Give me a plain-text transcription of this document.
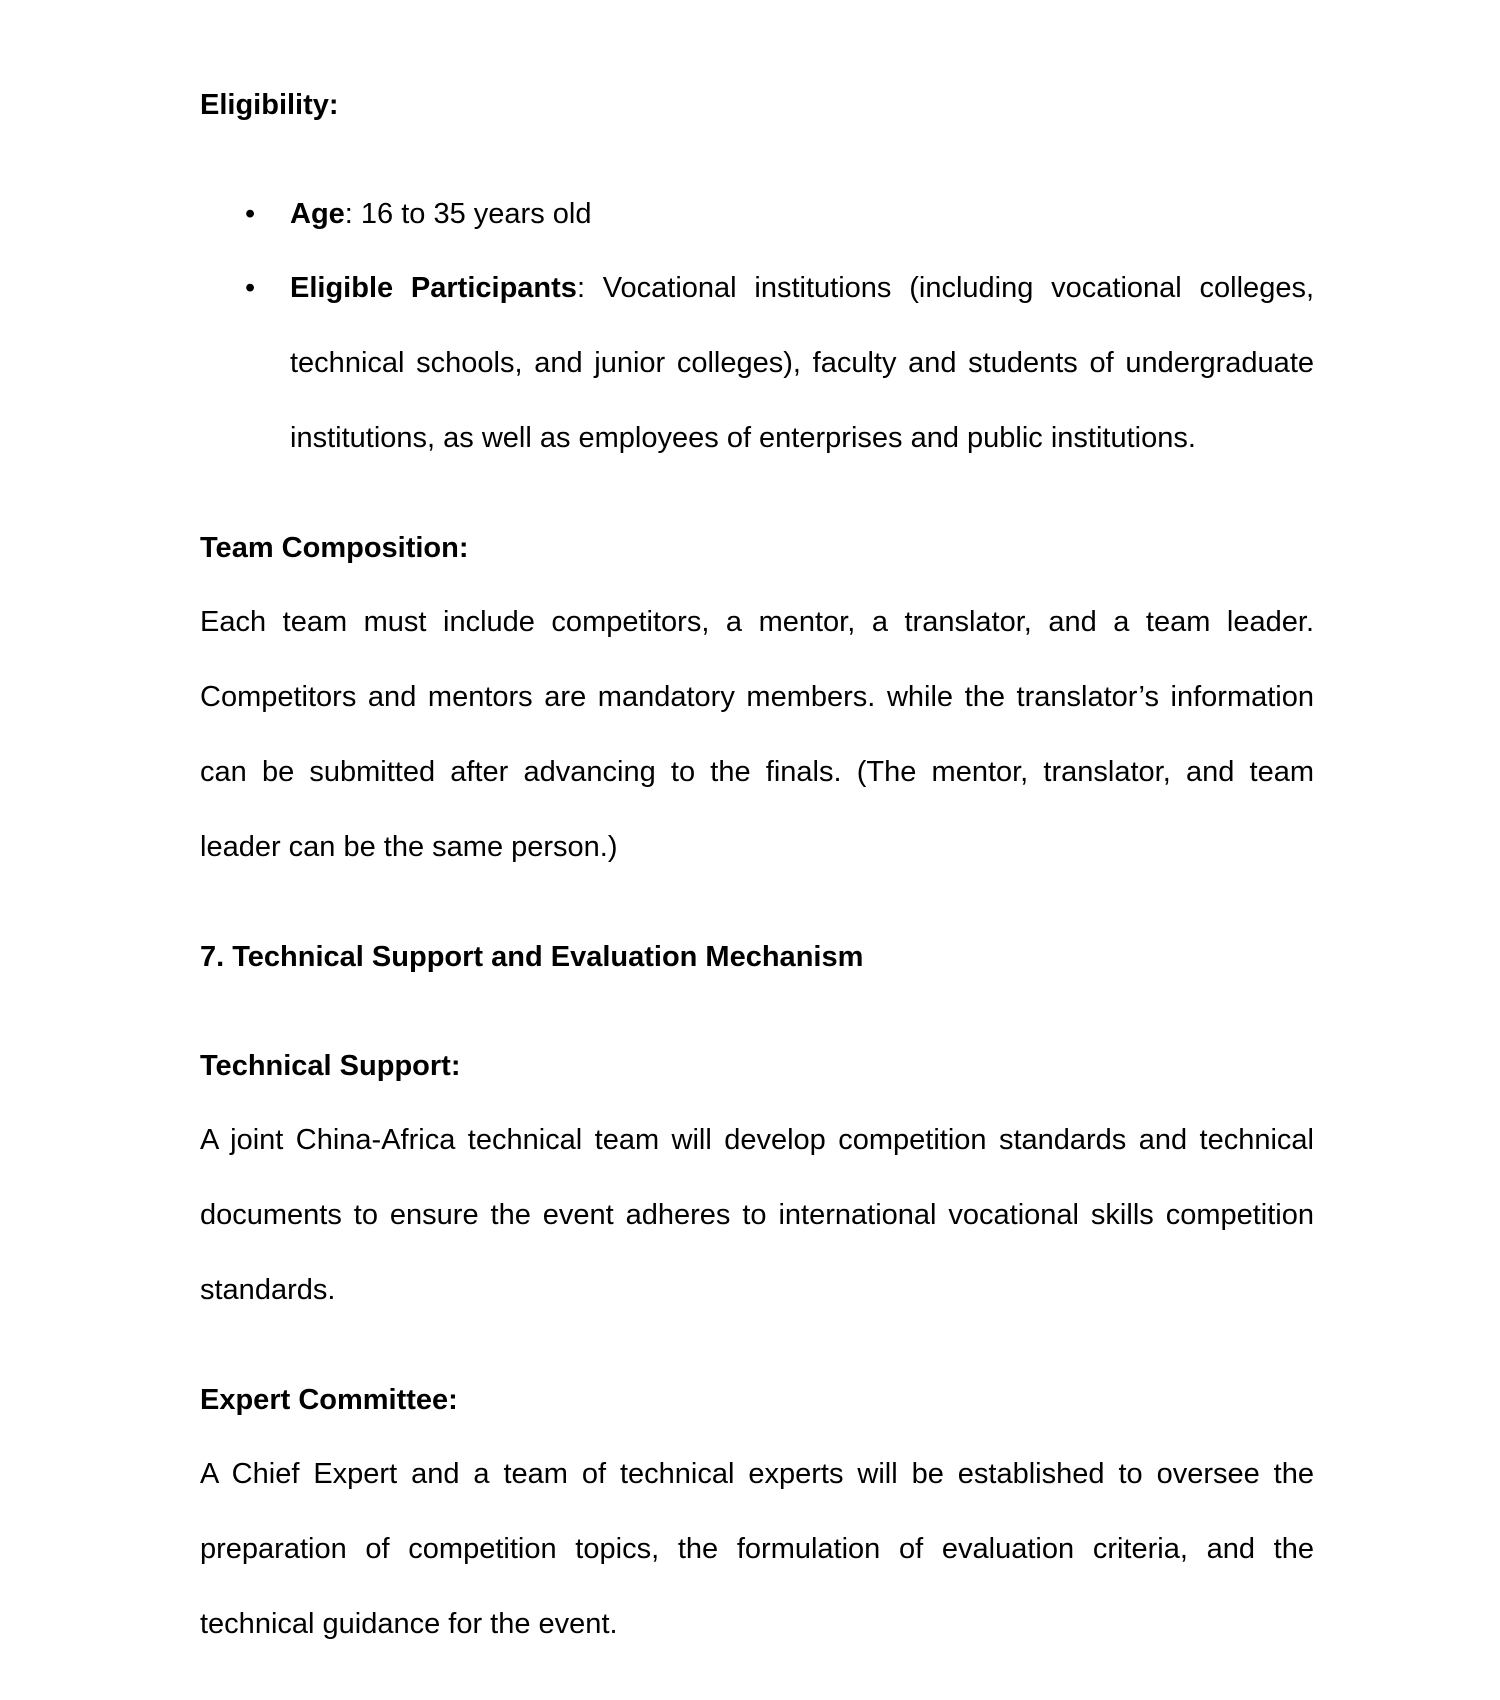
Eligibility:
• Age: 16 to 35 years old
• Eligible Participants: Vocational institutions (including vocational colleges, technical schools, and junior colleges), faculty and students of undergraduate institutions, as well as employees of enterprises and public institutions.
Team Composition:
Each team must include competitors, a mentor, a translator, and a team leader. Competitors and mentors are mandatory members. while the translator’s information can be submitted after advancing to the finals. (The mentor, translator, and team leader can be the same person.)
7. Technical Support and Evaluation Mechanism
Technical Support:
A joint China-Africa technical team will develop competition standards and technical documents to ensure the event adheres to international vocational skills competition standards.
Expert Committee:
A Chief Expert and a team of technical experts will be established to oversee the preparation of competition topics, the formulation of evaluation criteria, and the technical guidance for the event.
